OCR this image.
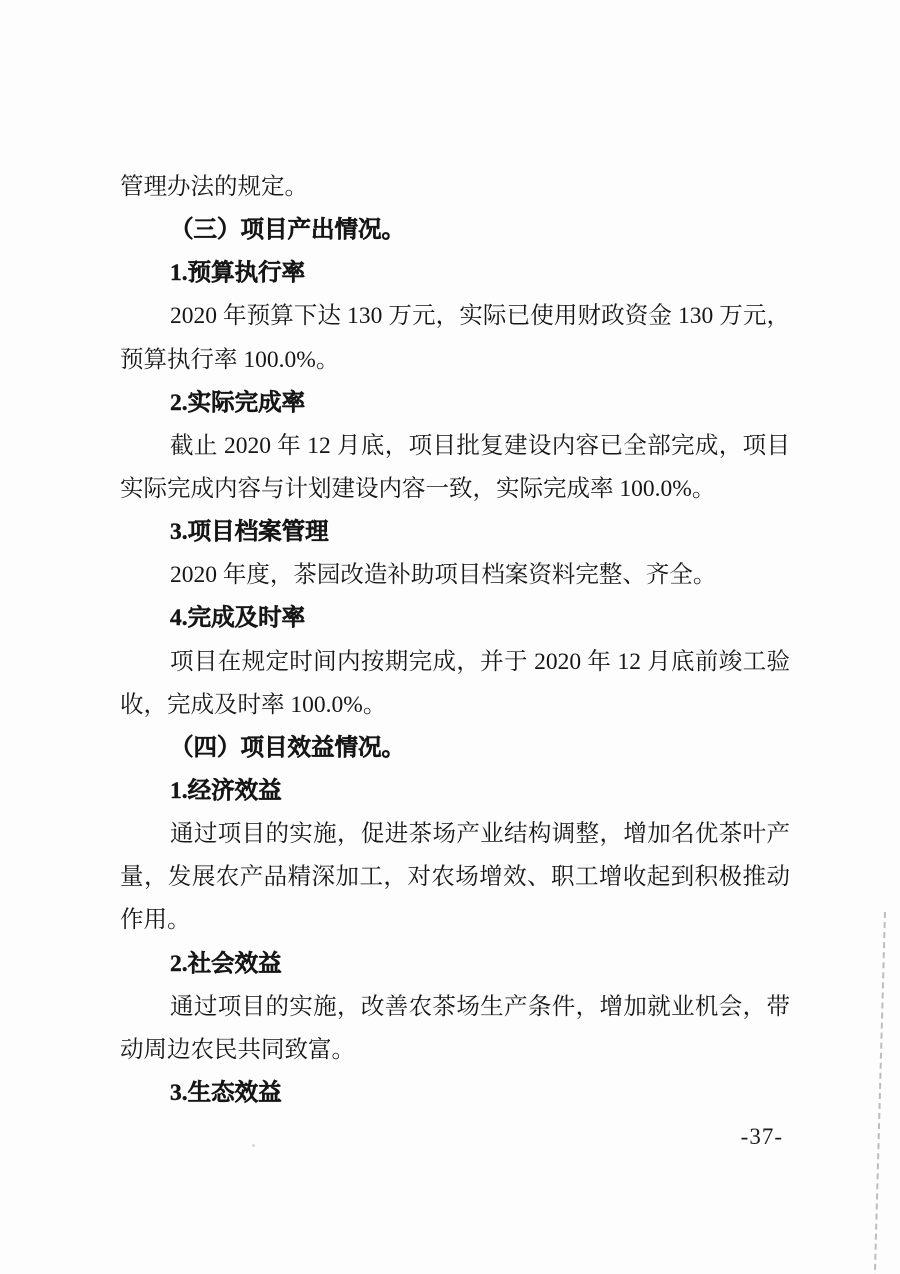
管理办法的规定。
（三）项目产出情况。
1.预算执行率
2020 年预算下达 130 万元，实际已使用财政资金 130 万元，
预算执行率 100.0%。
2.实际完成率
截止 2020 年 12 月底，项目批复建设内容已全部完成，项目
实际完成内容与计划建设内容一致，实际完成率 100.0%。
3.项目档案管理
2020 年度，茶园改造补助项目档案资料完整、齐全。
4.完成及时率
项目在规定时间内按期完成，并于 2020 年 12 月底前竣工验
收，完成及时率 100.0%。
（四）项目效益情况。
1.经济效益
通过项目的实施，促进茶场产业结构调整，增加名优茶叶产
量，发展农产品精深加工，对农场增效、职工增收起到积极推动
作用。
2.社会效益
通过项目的实施，改善农茶场生产条件，增加就业机会，带
动周边农民共同致富。
3.生态效益
-37-
